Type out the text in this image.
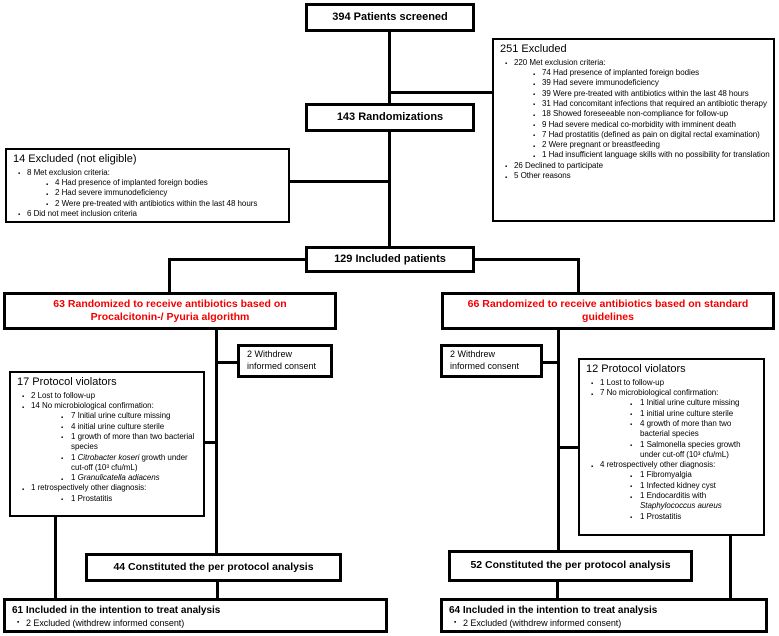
394 Patients screened
251 Excluded
▪ 220 Met exclusion criteria:
▪ 74 Had presence of implanted foreign bodies
▪ 39 Had severe immunodeficiency
▪ 39 Were pre-treated with antibiotics within the last 48 hours
▪ 31 Had concomitant infections that required an antibiotic therapy
▪ 18 Showed foreseeable non-compliance for follow-up
▪ 9 Had severe medical co-morbidity with imminent death
▪ 7 Had prostatitis (defined as pain on digital rectal examination)
▪ 2 Were pregnant or breastfeeding
▪ 1 Had insufficient language skills with no possibility for translation
▪ 26 Declined to participate
▪ 5 Other reasons
143 Randomizations
14 Excluded (not eligible)
▪ 8 Met exclusion criteria:
▪ 4 Had presence of implanted foreign bodies
▪ 2 Had severe immunodeficiency
▪ 2 Were pre-treated with antibiotics within the last 48 hours
▪ 6 Did not meet inclusion criteria
129 Included patients
63 Randomized to receive antibiotics based on
Procalcitonin-/ Pyuria algorithm
66 Randomized to receive antibiotics based on standard
guidelines
2 Withdrew
informed consent
2 Withdrew
informed consent
17 Protocol violators
▪ 2 Lost to follow-up
▪ 14 No microbiological confirmation:
▪ 7 Initial urine culture missing
▪ 4 initial urine culture sterile
▪ 1 growth of more than two bacterial species
▪ 1 Citrobacter koseri growth under cut-off (10³ cfu/mL)
▪ 1 Granulicatella adiacens
▪ 1 retrospectively other diagnosis:
▪ 1 Prostatitis
12 Protocol violators
▪ 1 Lost to follow-up
▪ 7 No microbiological confirmation:
▪ 1 Initial urine culture missing
▪ 1 initial urine culture sterile
▪ 4 growth of more than two bacterial species
▪ 1 Salmonella species growth under cut-off (10³ cfu/mL)
▪ 4 retrospectively other diagnosis:
▪ 1 Fibromyalgia
▪ 1 Infected kidney cyst
▪ 1 Endocarditis with Staphylococcus aureus
▪ 1 Prostatitis
44 Constituted the per protocol analysis	52 Constituted the per protocol analysis
61 Included in the intention to treat analysis
▪ 2 Excluded (withdrew informed consent)
64 Included in the intention to treat analysis
▪ 2 Excluded (withdrew informed consent)
